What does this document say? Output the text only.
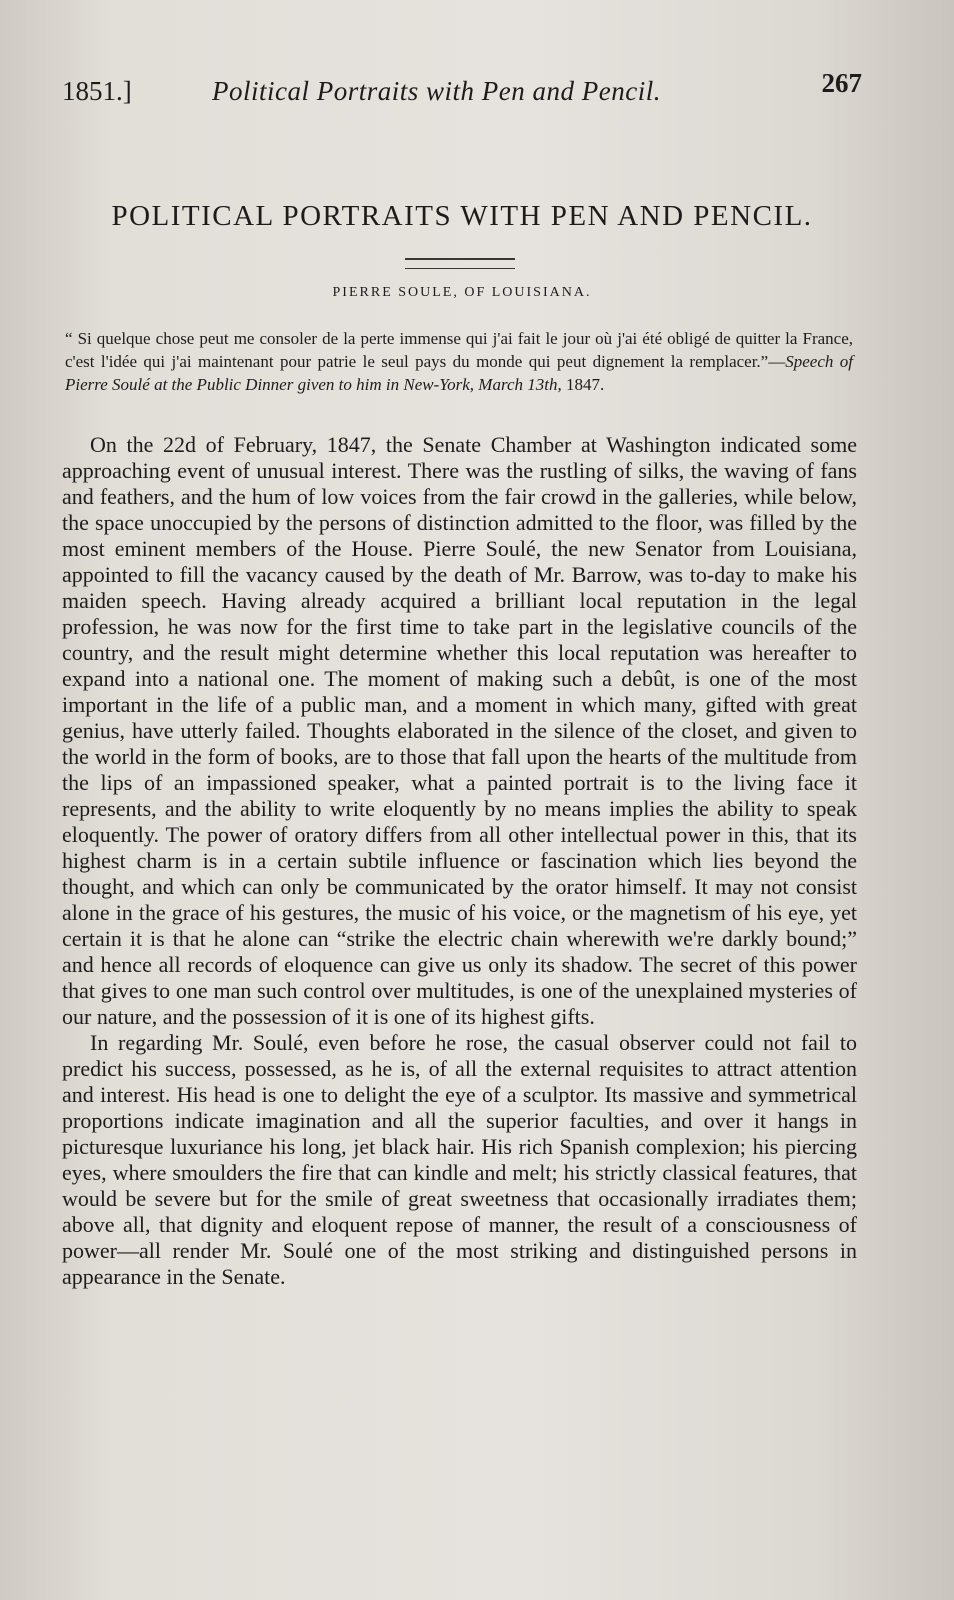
1851.]	Political Portraits with Pen and Pencil.	267
POLITICAL PORTRAITS WITH PEN AND PENCIL.
PIERRE SOULE, OF LOUISIANA.

“ Si quelque chose peut me consoler de la perte immense qui j'ai fait le jour où j'ai été obligé de quitter la France, c'est l'idée qui j'ai maintenant pour patrie le seul pays du monde qui peut dignement la remplacer.”—Speech of Pierre Soulé at the Public Dinner given to him in New-York, March 13th, 1847.

On the 22d of February, 1847, the Senate Chamber at Washington indicated some approaching event of unusual interest. There was the rustling of silks, the waving of fans and feathers, and the hum of low voices from the fair crowd in the galleries, while below, the space unoccupied by the persons of distinction admitted to the floor, was filled by the most eminent members of the House. Pierre Soulé, the new Senator from Louisiana, appointed to fill the vacancy caused by the death of Mr. Barrow, was to-day to make his maiden speech. Having already acquired a brilliant local reputation in the legal profession, he was now for the first time to take part in the legislative councils of the country, and the result might determine whether this local reputation was hereafter to expand into a national one. The moment of making such a debût, is one of the most important in the life of a public man, and a moment in which many, gifted with great genius, have utterly failed. Thoughts elaborated in the silence of the closet, and given to the world in the form of books, are to those that fall upon the hearts of the multitude from the lips of an impassioned speaker, what a painted portrait is to the living face it represents, and the ability to write eloquently by no means implies the ability to speak eloquently. The power of oratory differs from all other intellectual power in this, that its highest charm is in a certain subtile influence or fascination which lies beyond the thought, and which can only be communicated by the orator himself. It may not consist alone in the grace of his gestures, the music of his voice, or the magnetism of his eye, yet certain it is that he alone can “strike the electric chain wherewith we're darkly bound;” and hence all records of eloquence can give us only its shadow. The secret of this power that gives to one man such control over multitudes, is one of the unexplained mysteries of our nature, and the possession of it is one of its highest gifts.

In regarding Mr. Soulé, even before he rose, the casual observer could not fail to predict his success, possessed, as he is, of all the external requisites to attract attention and interest. His head is one to delight the eye of a sculptor. Its massive and symmetrical proportions indicate imagination and all the superior faculties, and over it hangs in picturesque luxuriance his long, jet black hair. His rich Spanish complexion; his piercing eyes, where smoulders the fire that can kindle and melt; his strictly classical features, that would be severe but for the smile of great sweetness that occasionally irradiates them; above all, that dignity and eloquent repose of manner, the result of a consciousness of power—all render Mr. Soulé one of the most striking and distinguished persons in appearance in the Senate.
